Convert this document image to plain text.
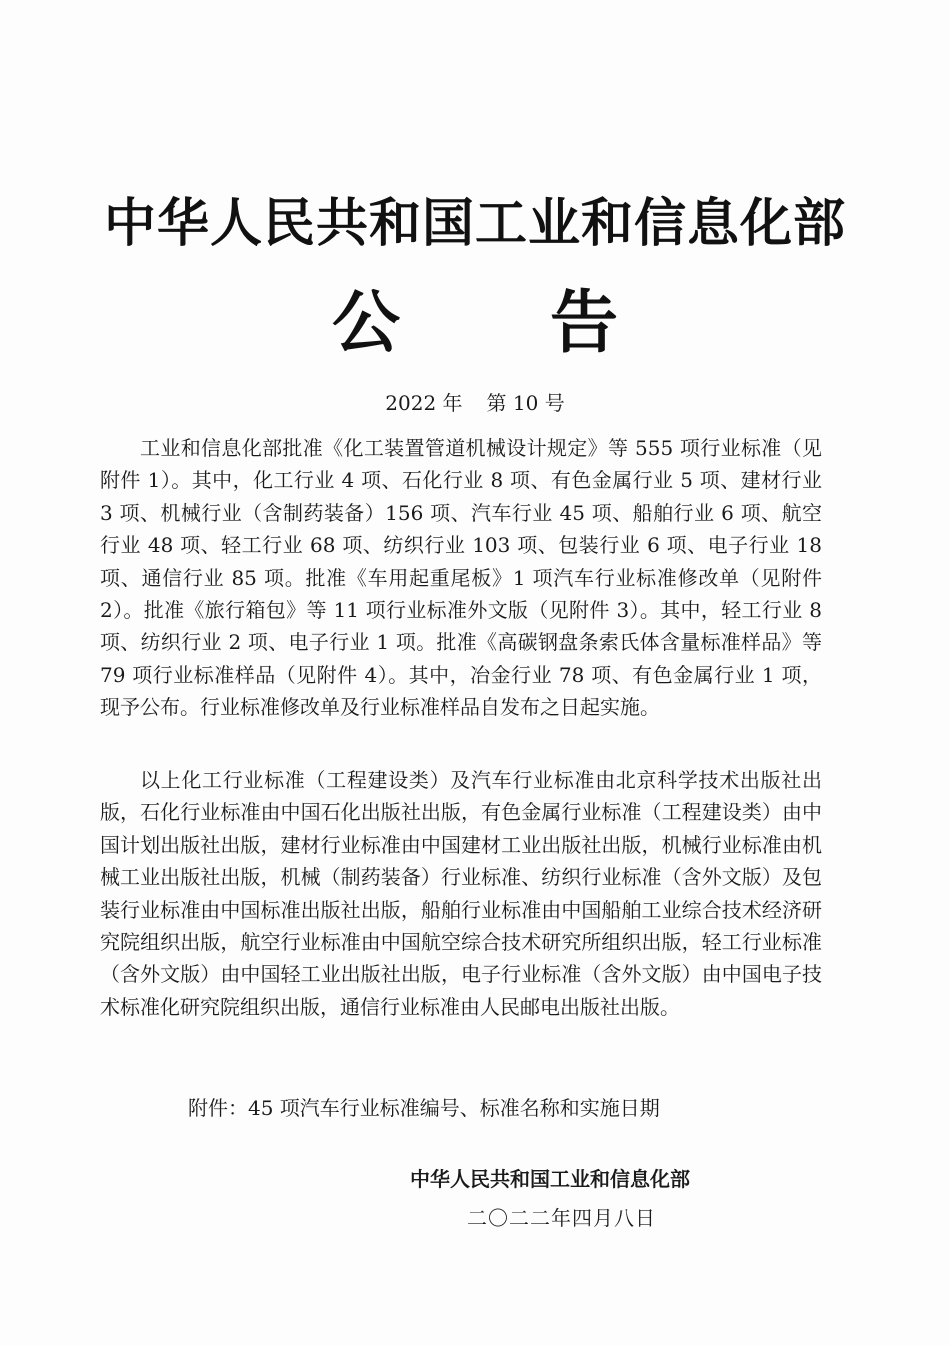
中华人民共和国工业和信息化部
公 告
2022 年 第 10 号

工业和信息化部批准《化工装置管道机械设计规定》等 555 项行业标准（见附件 1）。其中，化工行业 4 项、石化行业 8 项、有色金属行业 5 项、建材行业 3 项、机械行业（含制药装备）156 项、汽车行业 45 项、船舶行业 6 项、航空行业 48 项、轻工行业 68 项、纺织行业 103 项、包装行业 6 项、电子行业 18 项、通信行业 85 项。批准《车用起重尾板》1 项汽车行业标准修改单（见附件 2）。批准《旅行箱包》等 11 项行业标准外文版（见附件 3）。其中，轻工行业 8 项、纺织行业 2 项、电子行业 1 项。批准《高碳钢盘条索氏体含量标准样品》等 79 项行业标准样品（见附件 4）。其中，冶金行业 78 项、有色金属行业 1 项，现予公布。行业标准修改单及行业标准样品自发布之日起实施。

以上化工行业标准（工程建设类）及汽车行业标准由北京科学技术出版社出版，石化行业标准由中国石化出版社出版，有色金属行业标准（工程建设类）由中国计划出版社出版，建材行业标准由中国建材工业出版社出版，机械行业标准由机械工业出版社出版，机械（制药装备）行业标准、纺织行业标准（含外文版）及包装行业标准由中国标准出版社出版，船舶行业标准由中国船舶工业综合技术经济研究院组织出版，航空行业标准由中国航空综合技术研究所组织出版，轻工行业标准（含外文版）由中国轻工业出版社出版，电子行业标准（含外文版）由中国电子技术标准化研究院组织出版，通信行业标准由人民邮电出版社出版。

附件：45 项汽车行业标准编号、标准名称和实施日期
中华人民共和国工业和信息化部
二〇二二年四月八日
